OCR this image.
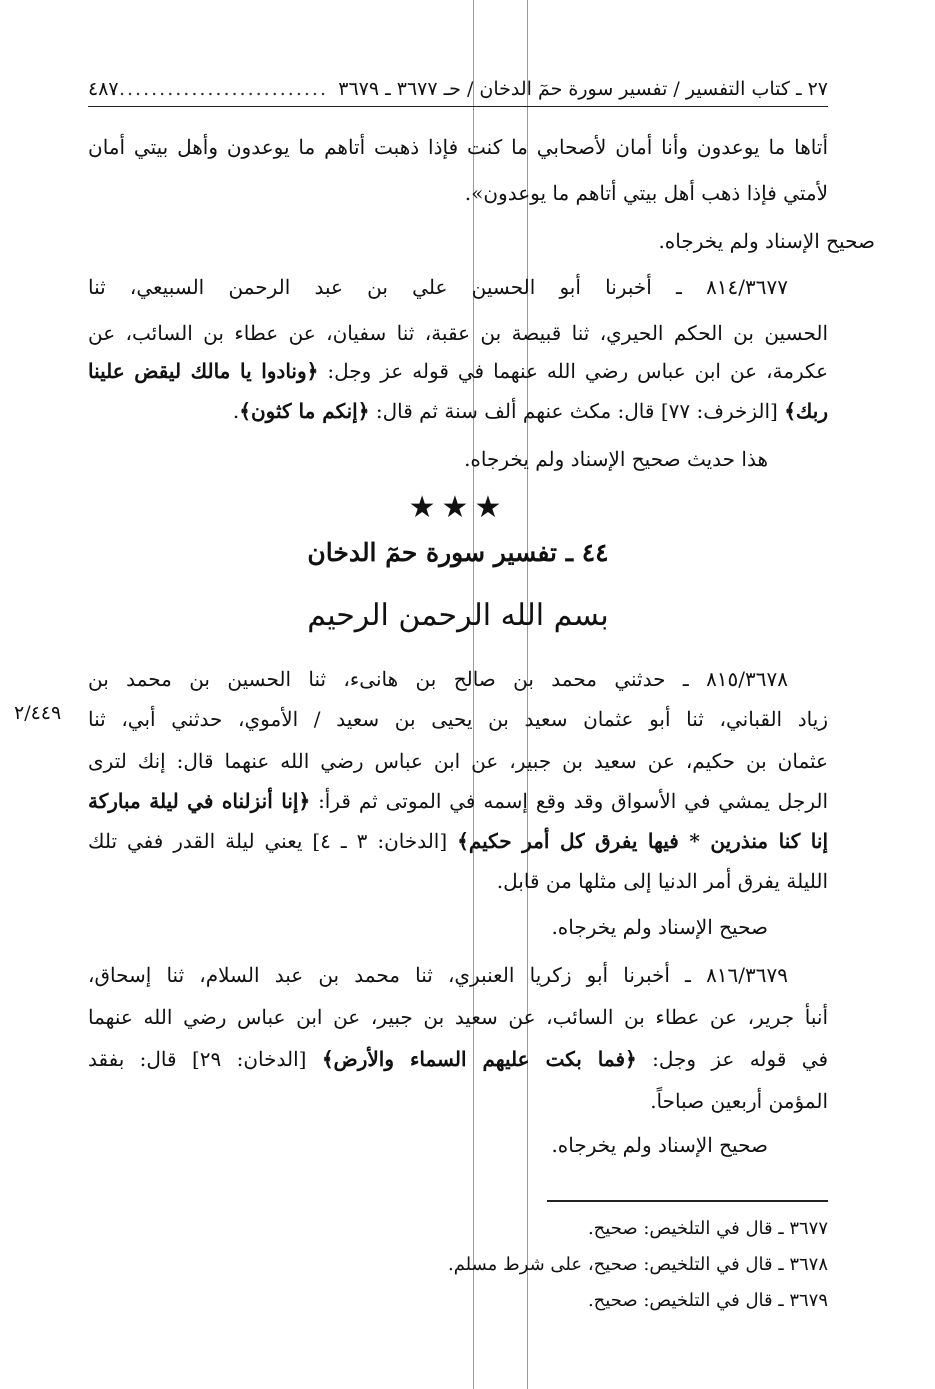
٢٧ ـ كتاب التفسير / تفسير سورة حمٓ الدخان / حـ ٣٦٧٧ ـ ٣٦٧٩
...........................
٤٨٧
أتاها ما يوعدون وأنا أمان لأصحابي ما كنت فإذا ذهبت أتاهم ما يوعدون وأهل بيتي أمان
لأمتي فإذا ذهب أهل بيتي أتاهم ما يوعدون».
صحيح الإسناد ولم يخرجاه.
٨١٤/٣٦٧٧ ـ أخبرنا أبو الحسين علي بن عبد الرحمن السبيعي، ثنا
الحسين بن الحكم الحيري، ثنا قبيصة بن عقبة، ثنا سفيان، عن عطاء بن السائب، عن
عكرمة، عن ابن عباس رضي الله عنهما في قوله عز وجل: ﴿ونادوا يا مالك ليقض علينا
ربك﴾ [الزخرف: ٧٧] قال: مكث عنهم ألف سنة ثم قال: ﴿إنكم ما كثون﴾.
هذا حديث صحيح الإسناد ولم يخرجاه.
★★★
٤٤ ـ تفسير سورة حمٓ الدخان
بسم الله الرحمن الرحيم
٨١٥/٣٦٧٨ ـ حدثني محمد بن صالح بن هانىء، ثنا الحسين بن محمد بن
زياد القباني، ثنا أبو عثمان سعيد بن يحيى بن سعيد / الأموي، حدثني أبي، ثنا
٢/٤٤٩
عثمان بن حكيم، عن سعيد بن جبير، عن ابن عباس رضي الله عنهما قال: إنك لترى
الرجل يمشي في الأسواق وقد وقع إسمه في الموتى ثم قرأ: ﴿إنا أنزلناه في ليلة مباركة
إنا كنا منذرين * فيها يفرق كل أمر حكيم﴾ [الدخان: ٣ ـ ٤] يعني ليلة القدر ففي تلك
الليلة يفرق أمر الدنيا إلى مثلها من قابل.
صحيح الإسناد ولم يخرجاه.
٨١٦/٣٦٧٩ ـ أخبرنا أبو زكريا العنبري، ثنا محمد بن عبد السلام، ثنا إسحاق،
أنبأ جرير، عن عطاء بن السائب، عن سعيد بن جبير، عن ابن عباس رضي الله عنهما
في قوله عز وجل: ﴿فما بكت عليهم السماء والأرض﴾ [الدخان: ٢٩] قال: بفقد
المؤمن أربعين صباحاً.
صحيح الإسناد ولم يخرجاه.
٣٦٧٧ ـ قال في التلخيص: صحيح.
٣٦٧٨ ـ قال في التلخيص: صحيح، على شرط مسلم.
٣٦٧٩ ـ قال في التلخيص: صحيح.
